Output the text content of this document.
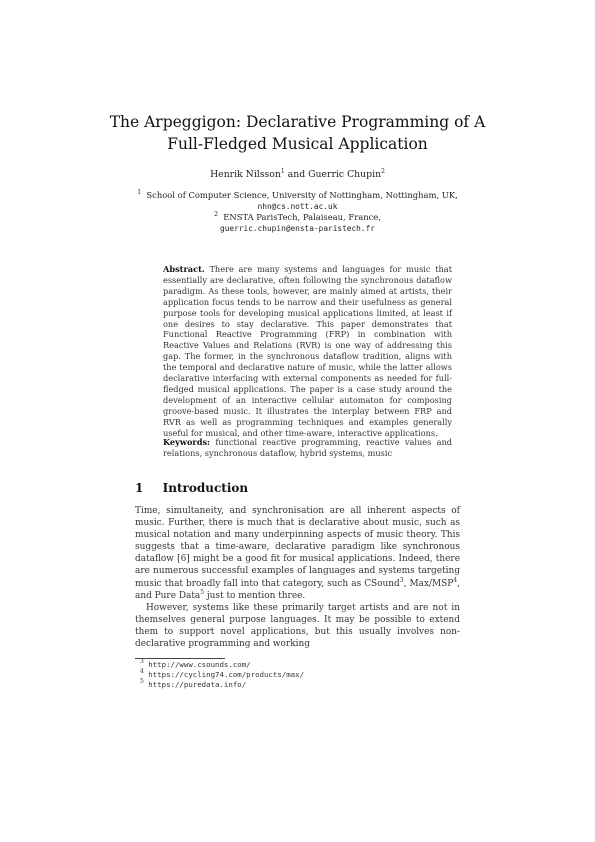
The Arpeggigon: Declarative Programming of A
Full-Fledged Musical Application
Henrik Nilsson$^1$ and Guerric Chupin$^2$
$^1$ School of Computer Science, University of Nottingham, Nottingham, UK,
nhn@cs.nott.ac.uk
$^2$ ENSTA ParisTech, Palaiseau, France,
guerric.chupin@ensta-paristech.fr
Abstract. There are many systems and languages for music that essentially are declarative, often following the synchronous dataflow paradigm. As these tools, however, are mainly aimed at artists, their application focus tends to be narrow and their usefulness as general purpose tools for developing musical applications limited, at least if one desires to stay declarative. This paper demonstrates that Functional Reactive Programming (FRP) in combination with Reactive Values and Relations (RVR) is one way of addressing this gap. The former, in the synchronous dataflow tradition, aligns with the temporal and declarative nature of music, while the latter allows declarative interfacing with external components as needed for full-fledged musical applications. The paper is a case study around the development of an interactive cellular automaton for composing groove-based music. It illustrates the interplay between FRP and RVR as well as programming techniques and examples generally useful for musical, and other time-aware, interactive applications.
Keywords: functional reactive programming, reactive values and relations, synchronous dataflow, hybrid systems, music
1 Introduction

Time, simultaneity, and synchronisation are all inherent aspects of music. Further, there is much that is declarative about music, such as musical notation and many underpinning aspects of music theory. This suggests that a time-aware, declarative paradigm like synchronous dataflow [6] might be a good fit for musical applications. Indeed, there are numerous successful examples of languages and systems targeting music that broadly fall into that category, such as CSound$^3$, Max/MSP$^4$, and Pure Data$^5$ just to mention three.

However, systems like these primarily target artists and are not in themselves general purpose languages. It may be possible to extend them to support novel applications, but this usually involves non-declarative programming and working

$^3$ http://www.csounds.com/
$^4$ https://cycling74.com/products/max/
$^5$ https://puredata.info/
